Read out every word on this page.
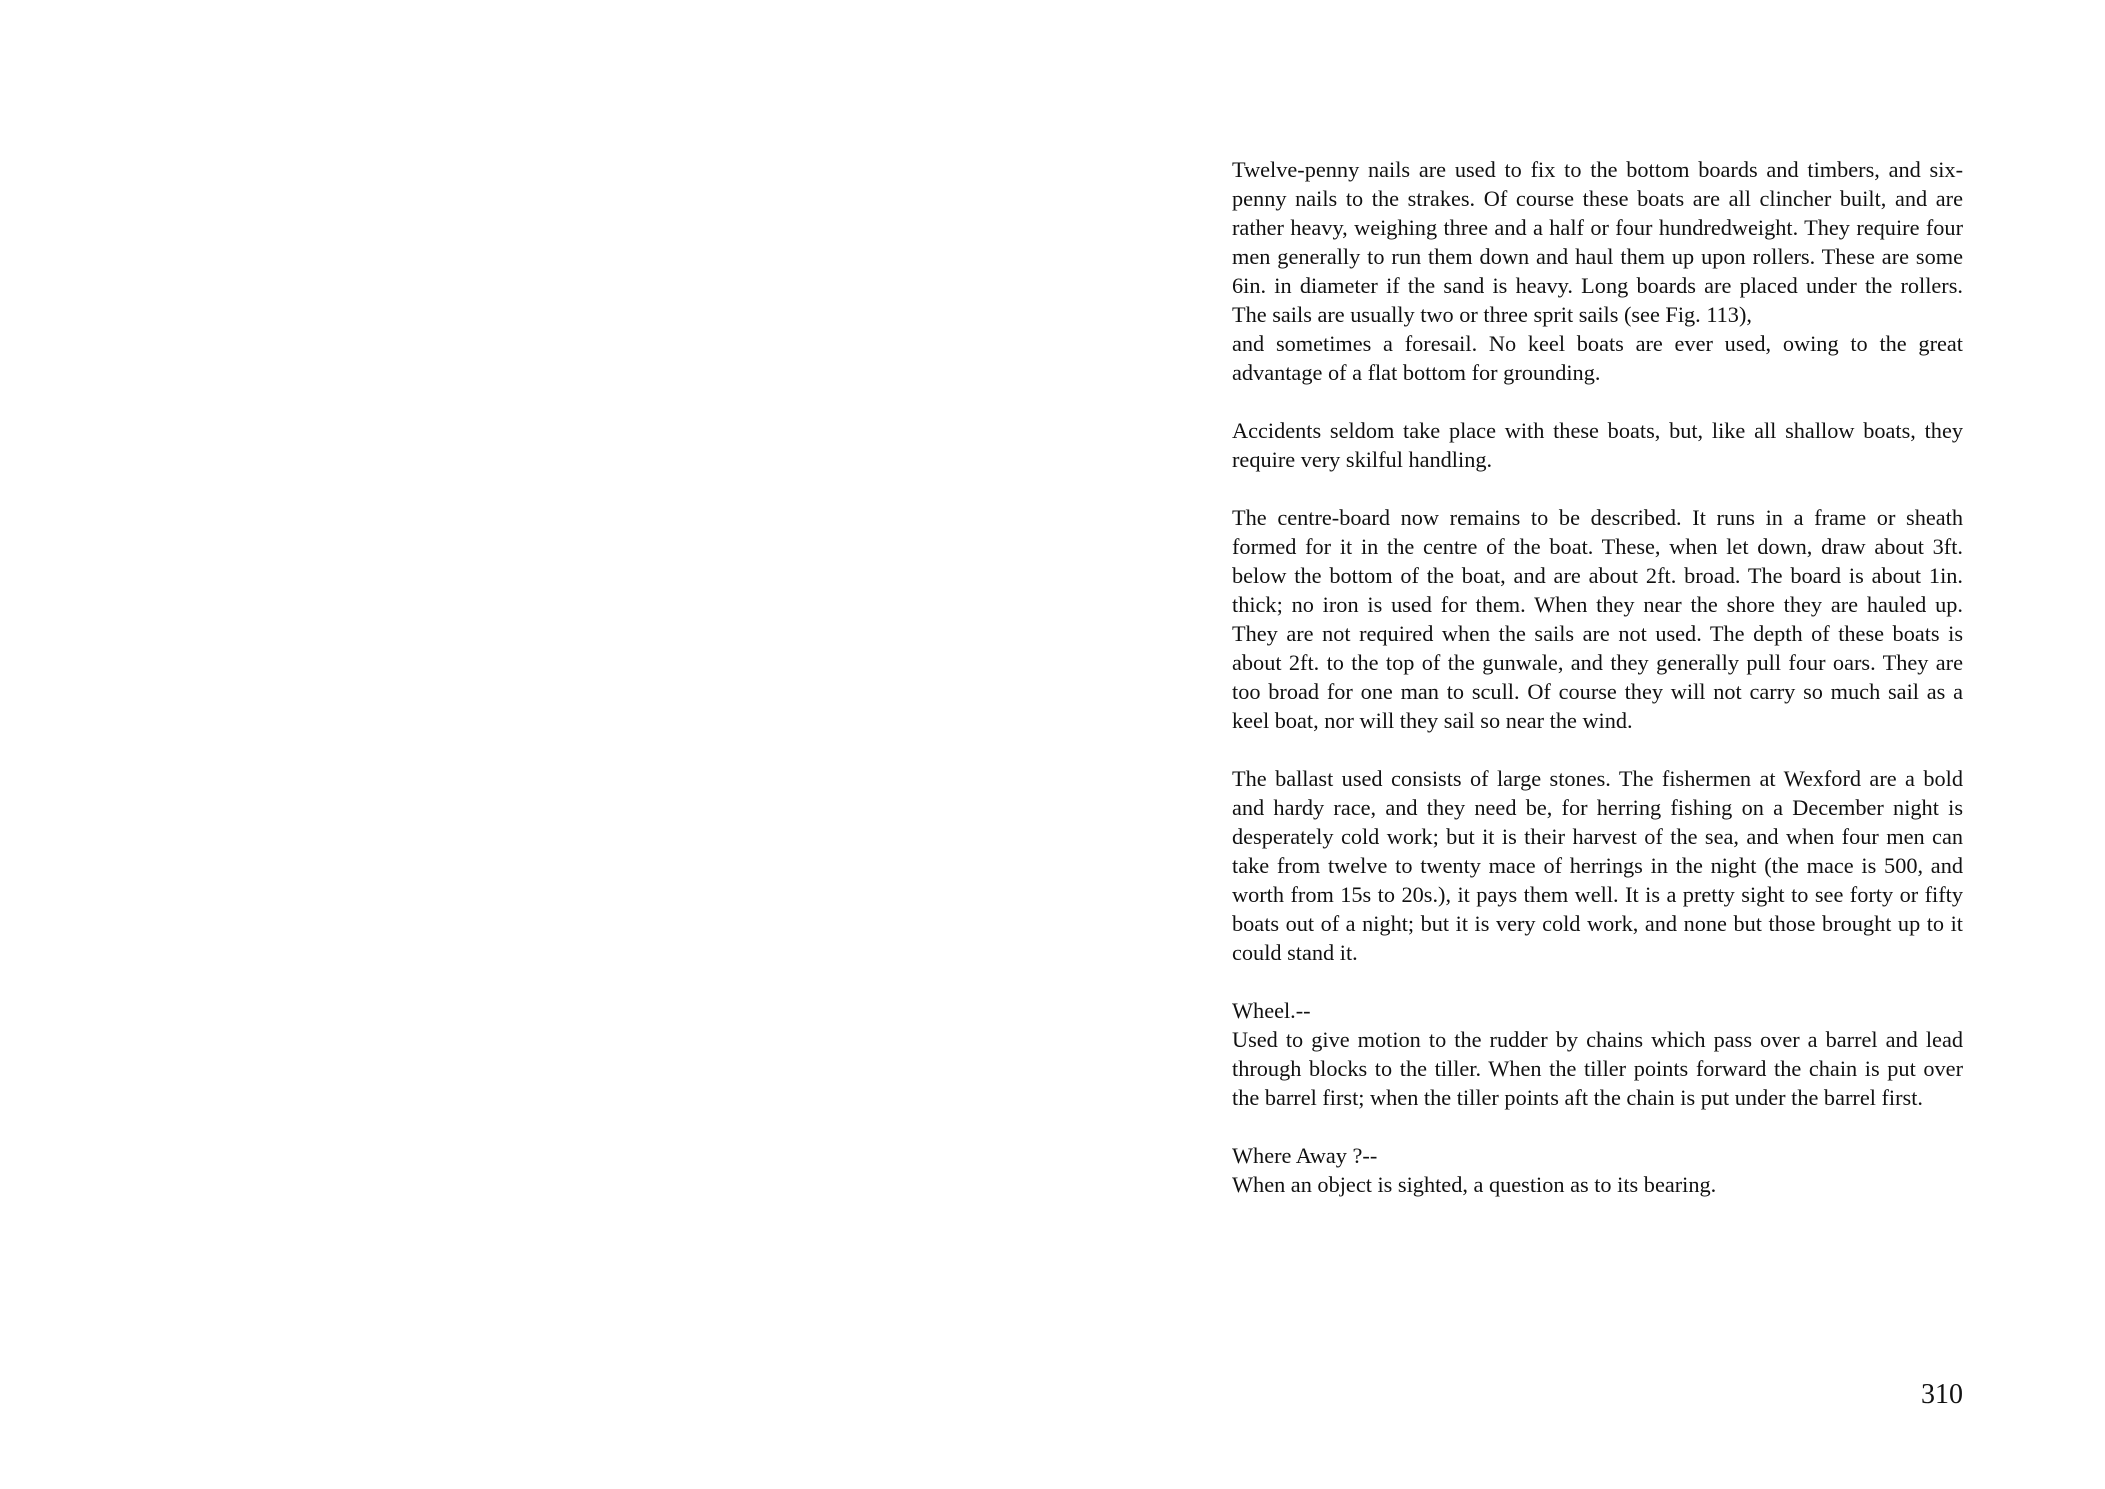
Twelve-penny nails are used to fix to the bottom boards and timbers, and six-penny nails to the strakes. Of course these boats are all clincher built, and are rather heavy, weighing three and a half or four hundredweight. They require four men generally to run them down and haul them up upon rollers. These are some 6in. in diameter if the sand is heavy. Long boards are placed under the rollers. The sails are usually two or three sprit sails (see Fig. 113),
and sometimes a foresail. No keel boats are ever used, owing to the great advantage of a flat bottom for grounding.

Accidents seldom take place with these boats, but, like all shallow boats, they require very skilful handling.

The centre-board now remains to be described. It runs in a frame or sheath formed for it in the centre of the boat. These, when let down, draw about 3ft. below the bottom of the boat, and are about 2ft. broad. The board is about 1in. thick; no iron is used for them. When they near the shore they are hauled up. They are not required when the sails are not used. The depth of these boats is about 2ft. to the top of the gunwale, and they generally pull four oars. They are too broad for one man to scull. Of course they will not carry so much sail as a keel boat, nor will they sail so near the wind.

The ballast used consists of large stones. The fishermen at Wexford are a bold and hardy race, and they need be, for herring fishing on a December night is desperately cold work; but it is their harvest of the sea, and when four men can take from twelve to twenty mace of herrings in the night (the mace is 500, and worth from 15s to 20s.), it pays them well. It is a pretty sight to see forty or fifty boats out of a night; but it is very cold work, and none but those brought up to it could stand it.

Wheel.--
Used to give motion to the rudder by chains which pass over a barrel and lead through blocks to the tiller. When the tiller points forward the chain is put over the barrel first; when the tiller points aft the chain is put under the barrel first.

Where Away ?--
When an object is sighted, a question as to its bearing.

310
